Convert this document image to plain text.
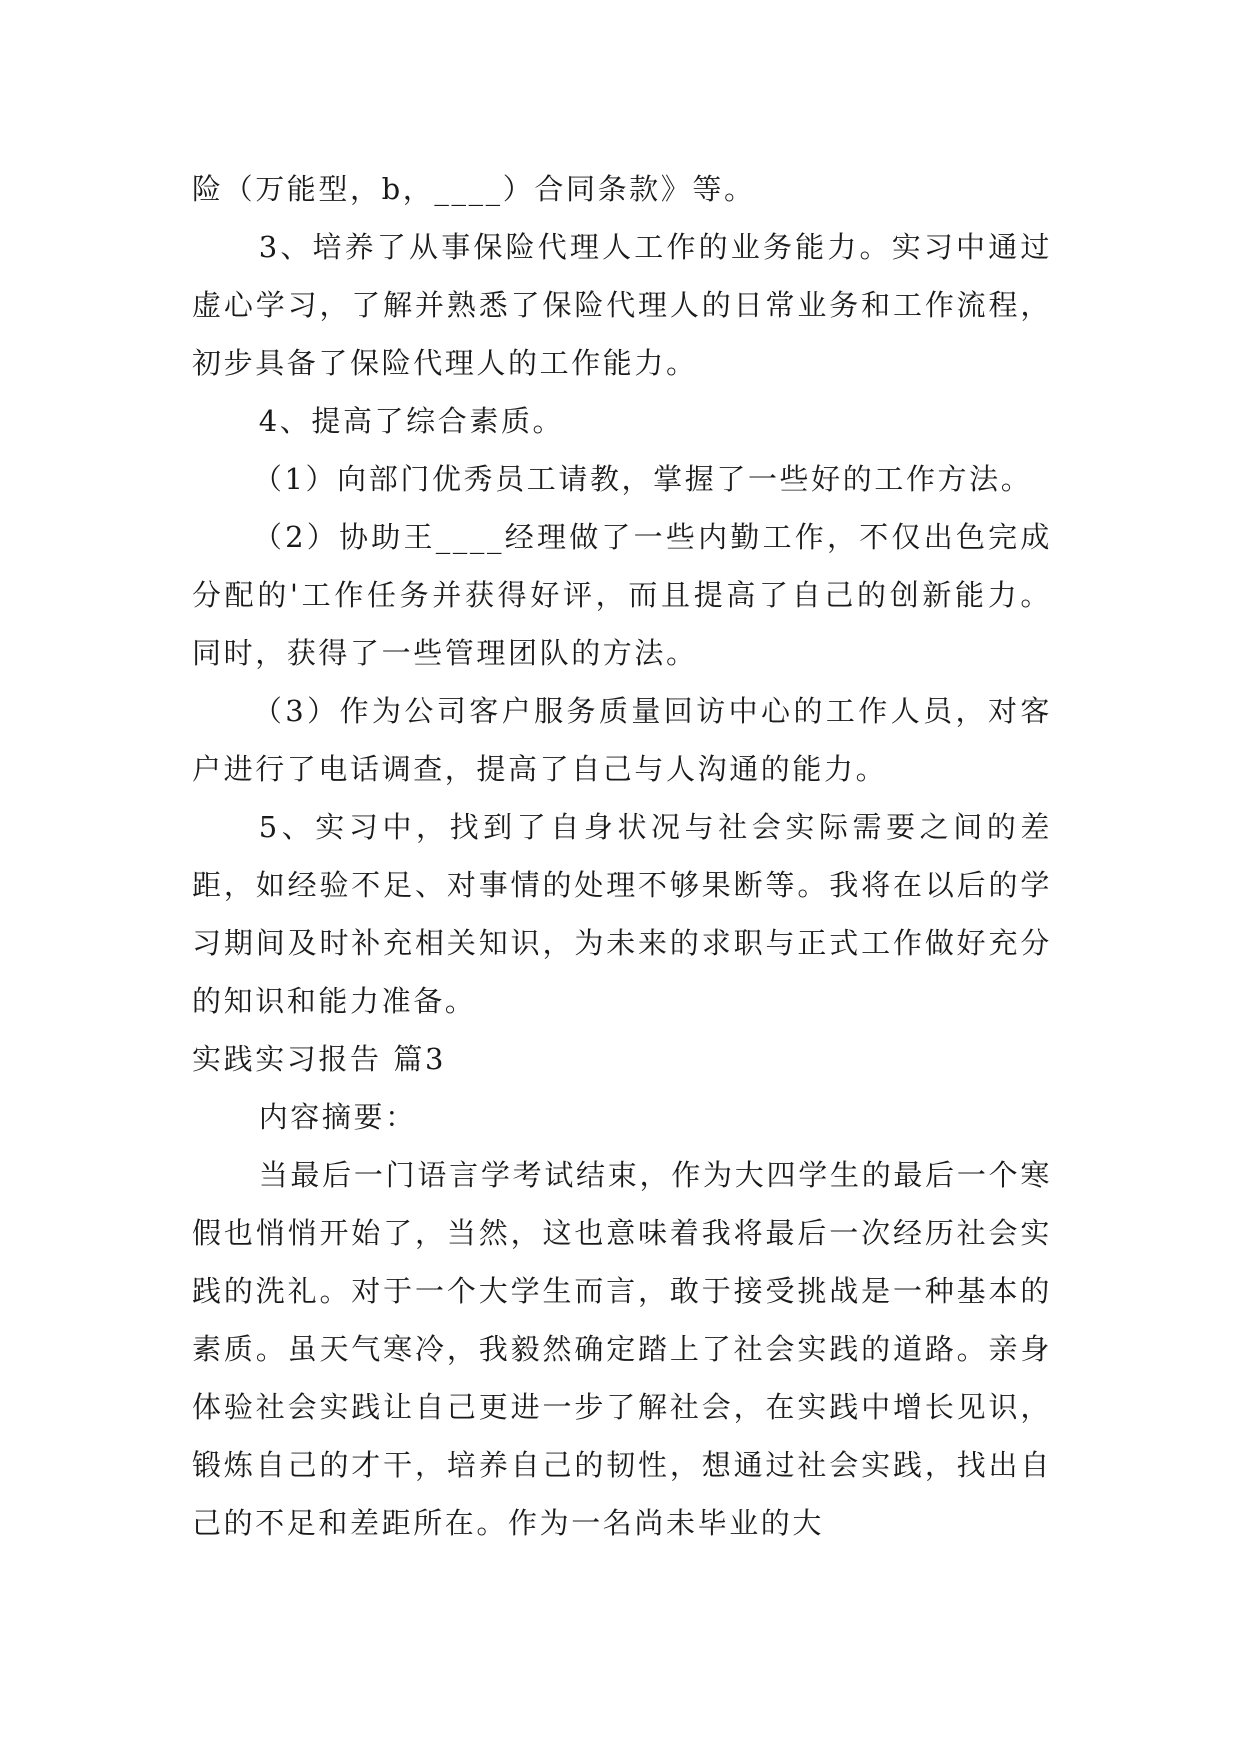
险（万能型，b，____）合同条款》等。

3、培养了从事保险代理人工作的业务能力。实习中通过虚心学习，了解并熟悉了保险代理人的日常业务和工作流程，初步具备了保险代理人的工作能力。

4、提高了综合素质。

（1）向部门优秀员工请教，掌握了一些好的工作方法。

（2）协助王____经理做了一些内勤工作，不仅出色完成分配的'工作任务并获得好评，而且提高了自己的创新能力。同时，获得了一些管理团队的方法。

（3）作为公司客户服务质量回访中心的工作人员，对客户进行了电话调查，提高了自己与人沟通的能力。

5、实习中，找到了自身状况与社会实际需要之间的差距，如经验不足、对事情的处理不够果断等。我将在以后的学习期间及时补充相关知识，为未来的求职与正式工作做好充分的知识和能力准备。

实践实习报告 篇3

内容摘要：

当最后一门语言学考试结束，作为大四学生的最后一个寒假也悄悄开始了，当然，这也意味着我将最后一次经历社会实践的洗礼。对于一个大学生而言，敢于接受挑战是一种基本的素质。虽天气寒冷，我毅然确定踏上了社会实践的道路。亲身体验社会实践让自己更进一步了解社会，在实践中增长见识，锻炼自己的才干，培养自己的韧性，想通过社会实践，找出自己的不足和差距所在。作为一名尚未毕业的大
